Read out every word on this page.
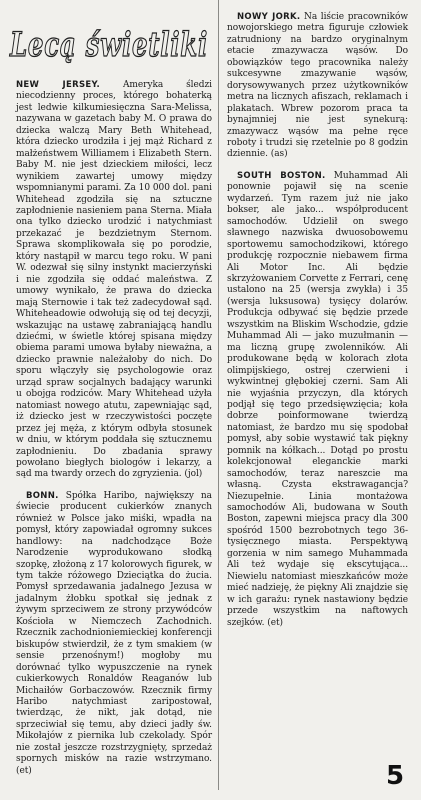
Lecą świetliki

NEW JERSEY. Ameryka śledzi niecodzienny proces, którego bohaterką jest ledwie kilkumiesięczna Sara-Melissa, nazywana w gazetach baby M. O prawa do dziecka walczą Mary Beth Whitehead, która dziecko urodziła i jej mąż Richard z małżeństwem Williamem i Elizabeth Stern. Baby M. nie jest dzieckiem miłości, lecz wynikiem zawartej umowy między wspomnianymi parami. Za 10 000 dol. pani Whitehead zgodziła się na sztuczne zapłodnienie nasieniem pana Sterna. Miała ona tylko dziecko urodzić i natychmiast przekazać je bezdzietnym Sternom. Sprawa skomplikowała się po porodzie, który nastąpił w marcu tego roku. W pani W. odezwał się silny instynkt macierzyński i nie zgodziła się oddać maleństwa. Z umowy wynikało, że prawa do dziecka mają Sternowie i tak też zadecydował sąd. Whiteheadowie odwołują się od tej decyzji, wskazując na ustawę zabraniającą handlu dziećmi, w świetle której spisana między obiema parami umowa byłaby nieważna, a dziecko prawnie należałoby do nich. Do sporu włączyły się psychologowie oraz urząd spraw socjalnych badający warunki u obojga rodziców. Mary Whitehead użyła natomiast nowego atutu, zapewniając sąd, iż dziecko jest w rzeczywistości poczęte przez jej męża, z którym odbyła stosunek w dniu, w którym poddała się sztucznemu zapłodnieniu. Do zbadania sprawy powołano biegłych biologów i lekarzy, a sąd ma twardy orzech do zgryzienia. (jol)

BONN. Spółka Haribo, największy na świecie producent cukierków znanych również w Polsce jako miśki, wpadła na pomysł, który zapowiadał ogromny sukces handlowy: na nadchodzące Boże Narodzenie wyprodukowano słodką szopkę, złożoną z 17 kolorowych figurek, w tym także różowego Dzieciątka do żucia. Pomysł sprzedawania jadalnego Jezusa w jadalnym żłobku spotkał się jednak z żywym sprzeciwem ze strony przywódców Kościoła w Niemczech Zachodnich. Rzecznik zachodnioniemieckiej konferencji biskupów stwierdził, że z tym smakiem (w sensie przenośnym!) mogłoby mu dorównać tylko wypuszczenie na rynek cukierkowych Ronaldów Reaganów lub Michaiłów Gorbaczowów. Rzecznik firmy Haribo natychmiast zaripostował, twierdząc, że nikt, jak dotąd, nie sprzeciwiał się temu, aby dzieci jadły św. Mikołajów z piernika lub czekolady. Spór nie został jeszcze rozstrzygnięty, sprzedaż spornych misków na razie wstrzymano. (et)

NOWY JORK. Na liście pracowników nowojorskiego metra figuruje człowiek zatrudniony na bardzo oryginalnym etacie zmazywacza wąsów. Do obowiązków tego pracownika należy sukcesywne zmazywanie wąsów, dorysowywanych przez użytkowników metra na licznych afiszach, reklamach i plakatach. Wbrew pozorom praca ta bynajmniej nie jest synekurą: zmazywacz wąsów ma pełne ręce roboty i trudzi się rzetelnie po 8 godzin dziennie. (as)

SOUTH BOSTON. Muhammad Ali ponownie pojawił się na scenie wydarzeń. Tym razem już nie jako bokser, ale jako... współproducent samochodów. Udzielił on swego sławnego nazwiska dwuosobowemu sportowemu samochodzikowi, którego produkcję rozpocznie niebawem firma Ali Motor Inc. Ali będzie skrzyżowaniem Corvette z Ferrari, cenę ustalono na 25 (wersja zwykła) i 35 (wersja luksusowa) tysięcy dolarów. Produkcja odbywać się będzie przede wszystkim na Bliskim Wschodzie, gdzie Muhammad Ali — jako muzułmanin — ma liczną grupę zwolenników. Ali produkowane będą w kolorach złota olimpijskiego, ostrej czerwieni i wykwintnej głębokiej czerni. Sam Ali nie wyjaśnia przyczyn, dla których podjął się tego przedsięwzięcia; koła dobrze poinformowane twierdzą natomiast, że bardzo mu się spodobał pomysł, aby sobie wystawić tak piękny pomnik na kółkach... Dotąd po prostu kolekcjonował eleganckie marki samochodów, teraz nareszcie ma własną. Czysta ekstrawagancja? Niezupełnie. Linia montażowa samochodów Ali, budowana w South Boston, zapewni miejsca pracy dla 300 spośród 1500 bezrobotnych tego 36-tysięcznego miasta. Perspektywą gorzenia w nim samego Muhammada Ali też wydaje się ekscytująca... Niewielu natomiast mieszkańców może mieć nadzieję, że piękny Ali znajdzie się w ich garażu: rynek nastawiony będzie przede wszystkim na naftowych szejków. (et)

5
